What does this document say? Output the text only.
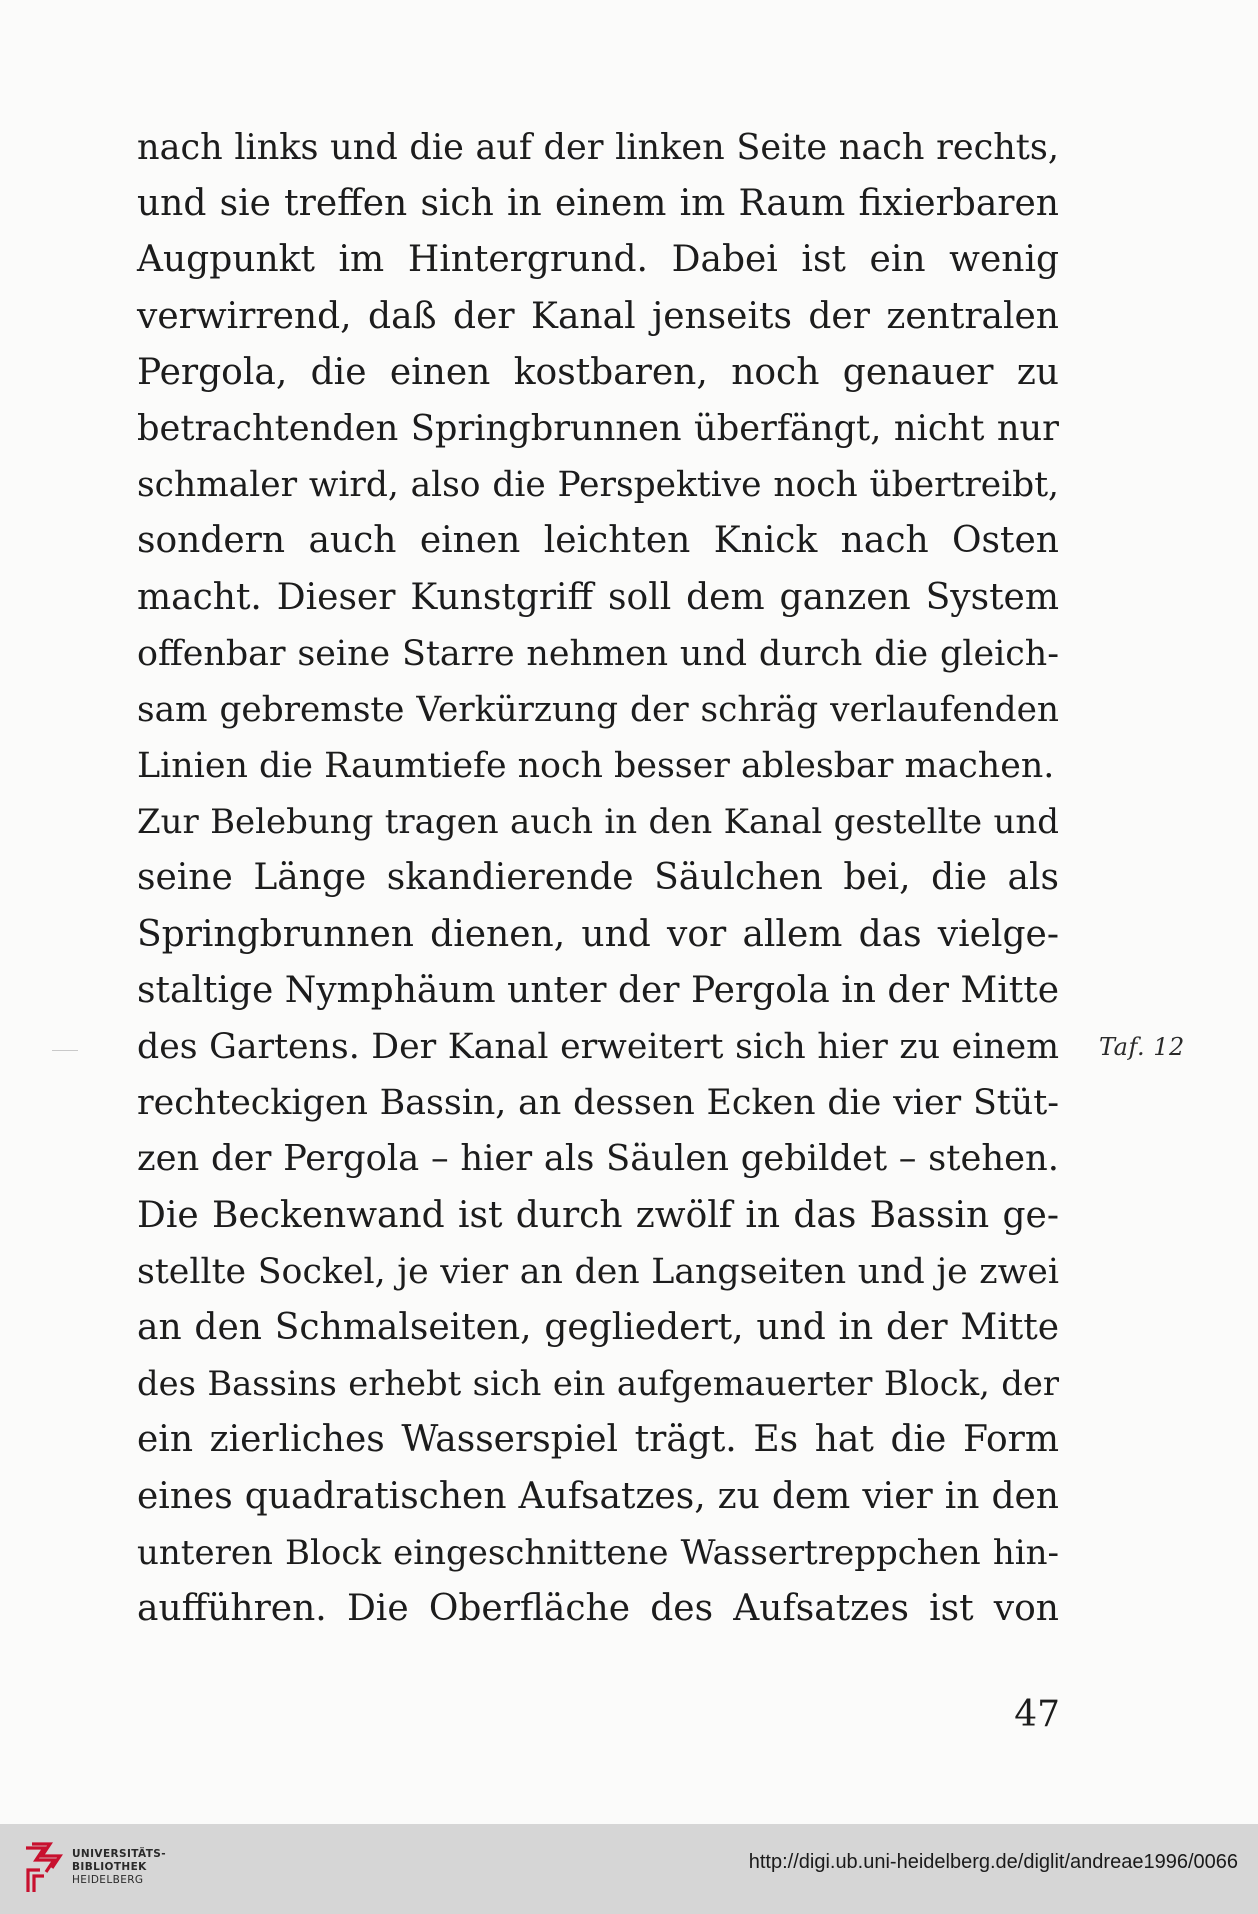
nach links und die auf der linken Seite nach rechts,
und sie treffen sich in einem im Raum fixierbaren
Augpunkt im Hintergrund. Dabei ist ein wenig
verwirrend, daß der Kanal jenseits der zentralen
Pergola, die einen kostbaren, noch genauer zu
betrachtenden Springbrunnen überfängt, nicht nur
schmaler wird, also die Perspektive noch übertreibt,
sondern auch einen leichten Knick nach Osten
macht. Dieser Kunstgriff soll dem ganzen System
offenbar seine Starre nehmen und durch die gleich-
sam gebremste Verkürzung der schräg verlaufenden
Linien die Raumtiefe noch besser ablesbar machen.
Zur Belebung tragen auch in den Kanal gestellte und
seine Länge skandierende Säulchen bei, die als
Springbrunnen dienen, und vor allem das vielge-
staltige Nymphäum unter der Pergola in der Mitte
des Gartens. Der Kanal erweitert sich hier zu einem
rechteckigen Bassin, an dessen Ecken die vier Stüt-
zen der Pergola – hier als Säulen gebildet – stehen.
Die Beckenwand ist durch zwölf in das Bassin ge-
stellte Sockel, je vier an den Langseiten und je zwei
an den Schmalseiten, gegliedert, und in der Mitte
des Bassins erhebt sich ein aufgemauerter Block, der
ein zierliches Wasserspiel trägt. Es hat die Form
eines quadratischen Aufsatzes, zu dem vier in den
unteren Block eingeschnittene Wassertreppchen hin-
aufführen. Die Oberfläche des Aufsatzes ist von
Taf. 12
47
UNIVERSITÄTS-
BIBLIOTHEK
HEIDELBERG
http://digi.ub.uni-heidelberg.de/diglit/andreae1996/0066
